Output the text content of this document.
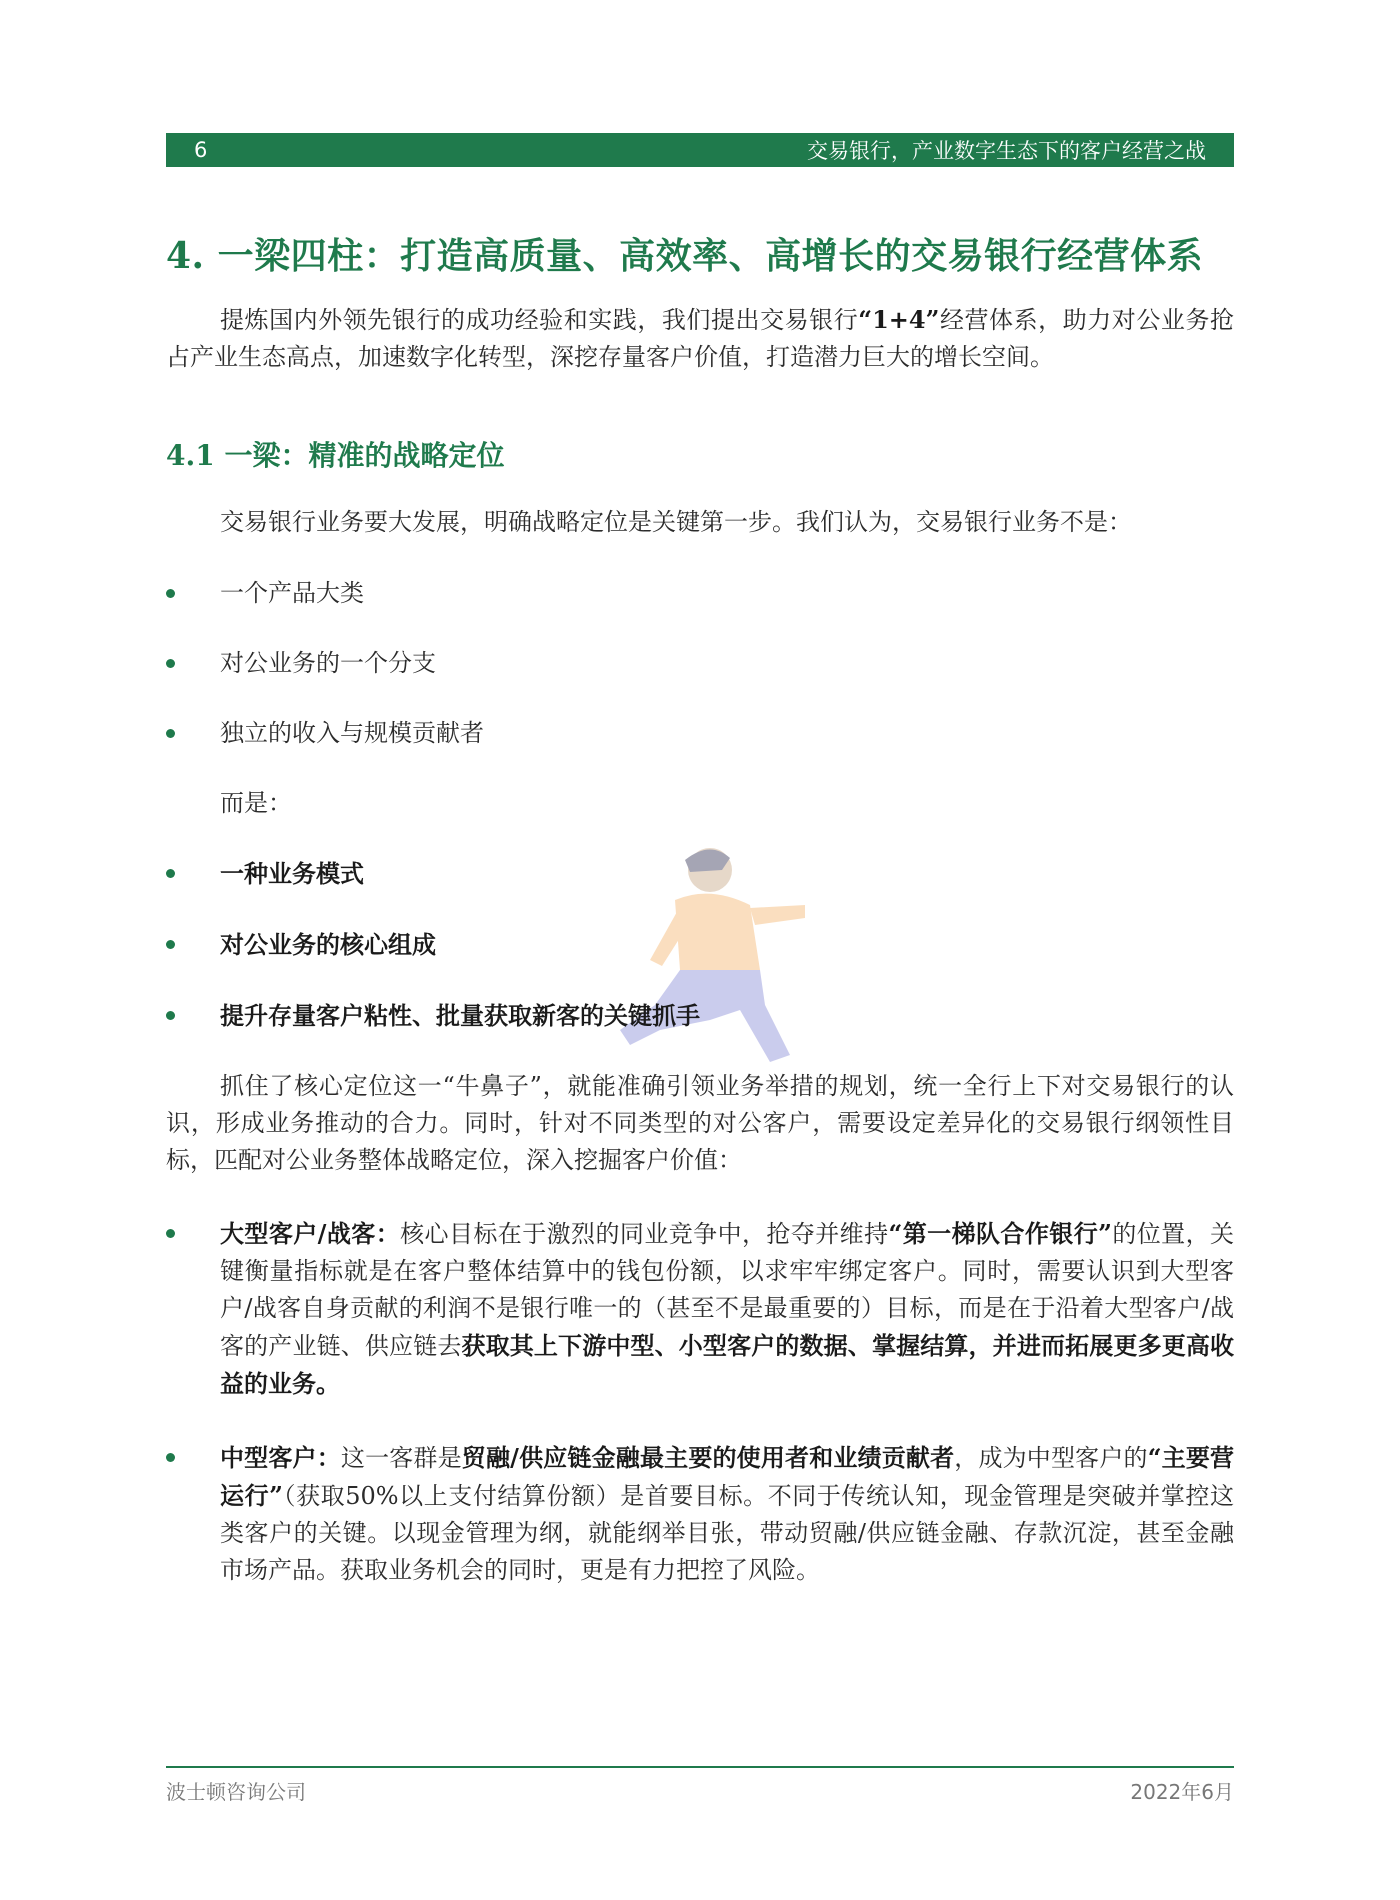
6	交易银行，产业数字生态下的客户经营之战
4. 一梁四柱：打造高质量、高效率、高增长的交易银行经营体系

提炼国内外领先银行的成功经验和实践，我们提出交易银行“1+4”经营体系，助力对公业务抢占产业生态高点，加速数字化转型，深挖存量客户价值，打造潜力巨大的增长空间。

4.1 一梁：精准的战略定位

交易银行业务要大发展，明确战略定位是关键第一步。我们认为，交易银行业务不是：

一个产品大类
对公业务的一个分支
独立的收入与规模贡献者

而是：

一种业务模式
对公业务的核心组成
提升存量客户粘性、批量获取新客的关键抓手

抓住了核心定位这一“牛鼻子”，就能准确引领业务举措的规划，统一全行上下对交易银行的认识，形成业务推动的合力。同时，针对不同类型的对公客户，需要设定差异化的交易银行纲领性目标，匹配对公业务整体战略定位，深入挖掘客户价值：

大型客户/战客：核心目标在于激烈的同业竞争中，抢夺并维持“第一梯队合作银行”的位置，关键衡量指标就是在客户整体结算中的钱包份额，以求牢牢绑定客户。同时，需要认识到大型客户/战客自身贡献的利润不是银行唯一的（甚至不是最重要的）目标，而是在于沿着大型客户/战客的产业链、供应链去获取其上下游中型、小型客户的数据、掌握结算，并进而拓展更多更高收益的业务。
中型客户：这一客群是贸融/供应链金融最主要的使用者和业绩贡献者，成为中型客户的“主要营运行”（获取50%以上支付结算份额）是首要目标。不同于传统认知，现金管理是突破并掌控这类客户的关键。以现金管理为纲，就能纲举目张，带动贸融/供应链金融、存款沉淀，甚至金融市场产品。获取业务机会的同时，更是有力把控了风险。
波士顿咨询公司	2022年6月
